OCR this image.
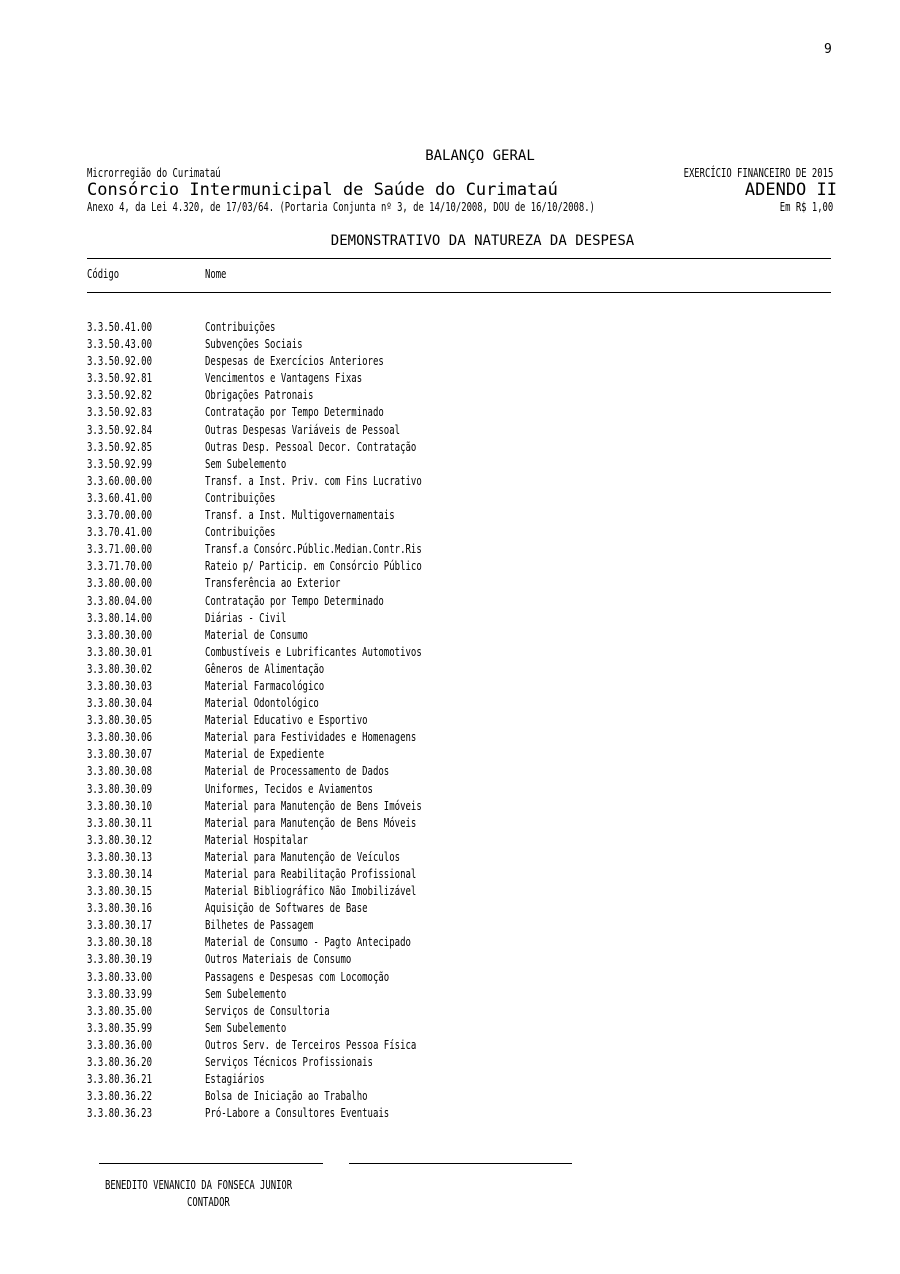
9
BALANÇO GERAL
Microrregião do Curimataú	EXERCÍCIO FINANCEIRO DE 2015
Consórcio Intermunicipal de Saúde do Curimataú	ADENDO II
Anexo 4, da Lei 4.320, de 17/03/64. (Portaria Conjunta nº 3, de 14/10/2008, DOU de 16/10/2008.)	Em R$ 1,00
DEMONSTRATIVO DA NATUREZA DA DESPESA
Código	Nome
3.3.50.41.00	Contribuições
3.3.50.43.00	Subvenções Sociais
3.3.50.92.00	Despesas de Exercícios Anteriores
3.3.50.92.81	Vencimentos e Vantagens Fixas
3.3.50.92.82	Obrigações Patronais
3.3.50.92.83	Contratação por Tempo Determinado
3.3.50.92.84	Outras Despesas Variáveis de Pessoal
3.3.50.92.85	Outras Desp. Pessoal Decor. Contratação
3.3.50.92.99	Sem Subelemento
3.3.60.00.00	Transf. a Inst. Priv. com Fins Lucrativo
3.3.60.41.00	Contribuições
3.3.70.00.00	Transf. a Inst. Multigovernamentais
3.3.70.41.00	Contribuições
3.3.71.00.00	Transf.a Consórc.Públic.Median.Contr.Ris
3.3.71.70.00	Rateio p/ Particip. em Consórcio Público
3.3.80.00.00	Transferência ao Exterior
3.3.80.04.00	Contratação por Tempo Determinado
3.3.80.14.00	Diárias - Civil
3.3.80.30.00	Material de Consumo
3.3.80.30.01	Combustíveis e Lubrificantes Automotivos
3.3.80.30.02	Gêneros de Alimentação
3.3.80.30.03	Material Farmacológico
3.3.80.30.04	Material Odontológico
3.3.80.30.05	Material Educativo e Esportivo
3.3.80.30.06	Material para Festividades e Homenagens
3.3.80.30.07	Material de Expediente
3.3.80.30.08	Material de Processamento de Dados
3.3.80.30.09	Uniformes, Tecidos e Aviamentos
3.3.80.30.10	Material para Manutenção de Bens Imóveis
3.3.80.30.11	Material para Manutenção de Bens Móveis
3.3.80.30.12	Material Hospitalar
3.3.80.30.13	Material para Manutenção de Veículos
3.3.80.30.14	Material para Reabilitação Profissional
3.3.80.30.15	Material Bibliográfico Não Imobilizável
3.3.80.30.16	Aquisição de Softwares de Base
3.3.80.30.17	Bilhetes de Passagem
3.3.80.30.18	Material de Consumo - Pagto Antecipado
3.3.80.30.19	Outros Materiais de Consumo
3.3.80.33.00	Passagens e Despesas com Locomoção
3.3.80.33.99	Sem Subelemento
3.3.80.35.00	Serviços de Consultoria
3.3.80.35.99	Sem Subelemento
3.3.80.36.00	Outros Serv. de Terceiros Pessoa Física
3.3.80.36.20	Serviços Técnicos Profissionais
3.3.80.36.21	Estagiários
3.3.80.36.22	Bolsa de Iniciação ao Trabalho
3.3.80.36.23	Pró-Labore a Consultores Eventuais
BENEDITO VENANCIO DA FONSECA JUNIOR
CONTADOR
